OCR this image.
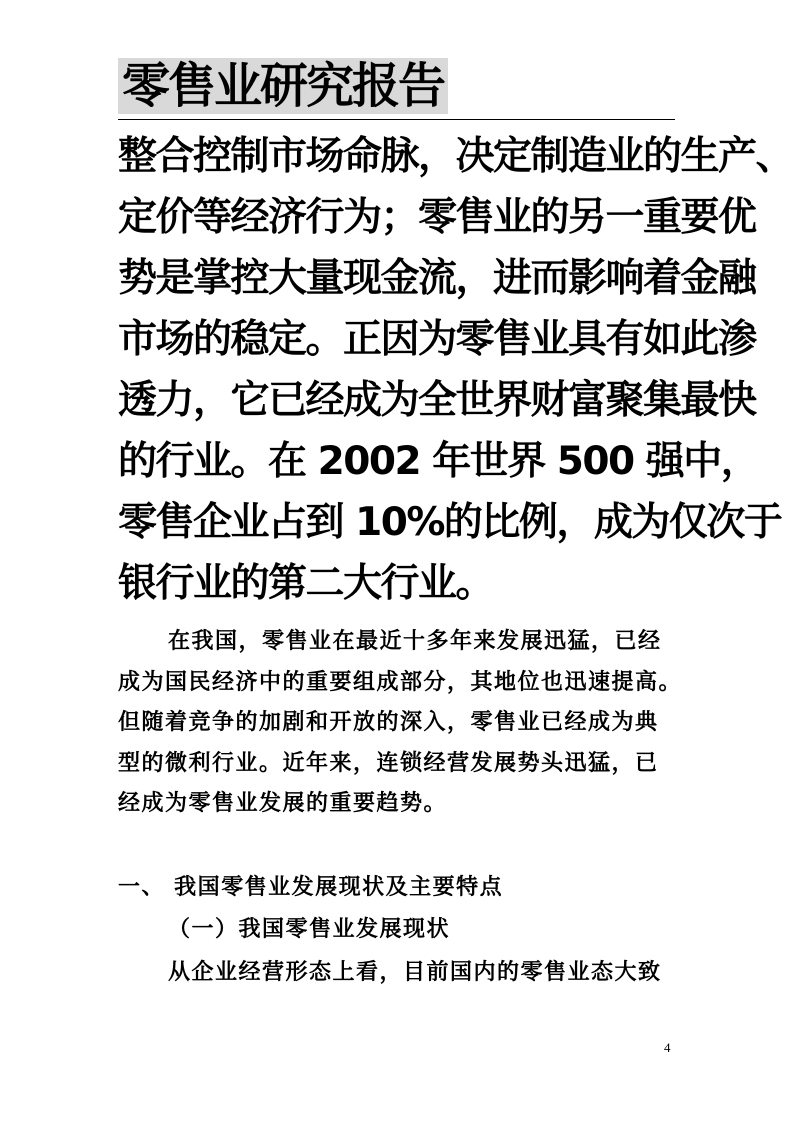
零售业研究报告
整合控制市场命脉，决定制造业的生产、
定价等经济行为；零售业的另一重要优
势是掌控大量现金流，进而影响着金融
市场的稳定。正因为零售业具有如此渗
透力，它已经成为全世界财富聚集最快
的行业。在 2002 年世界 500 强中，
零售企业占到 10%的比例，成为仅次于
银行业的第二大行业。
在我国，零售业在最近十多年来发展迅猛，已经
成为国民经济中的重要组成部分，其地位也迅速提高。
但随着竞争的加剧和开放的深入，零售业已经成为典
型的微利行业。近年来，连锁经营发展势头迅猛，已
经成为零售业发展的重要趋势。
一、 我国零售业发展现状及主要特点
（一）我国零售业发展现状
从企业经营形态上看，目前国内的零售业态大致
4
